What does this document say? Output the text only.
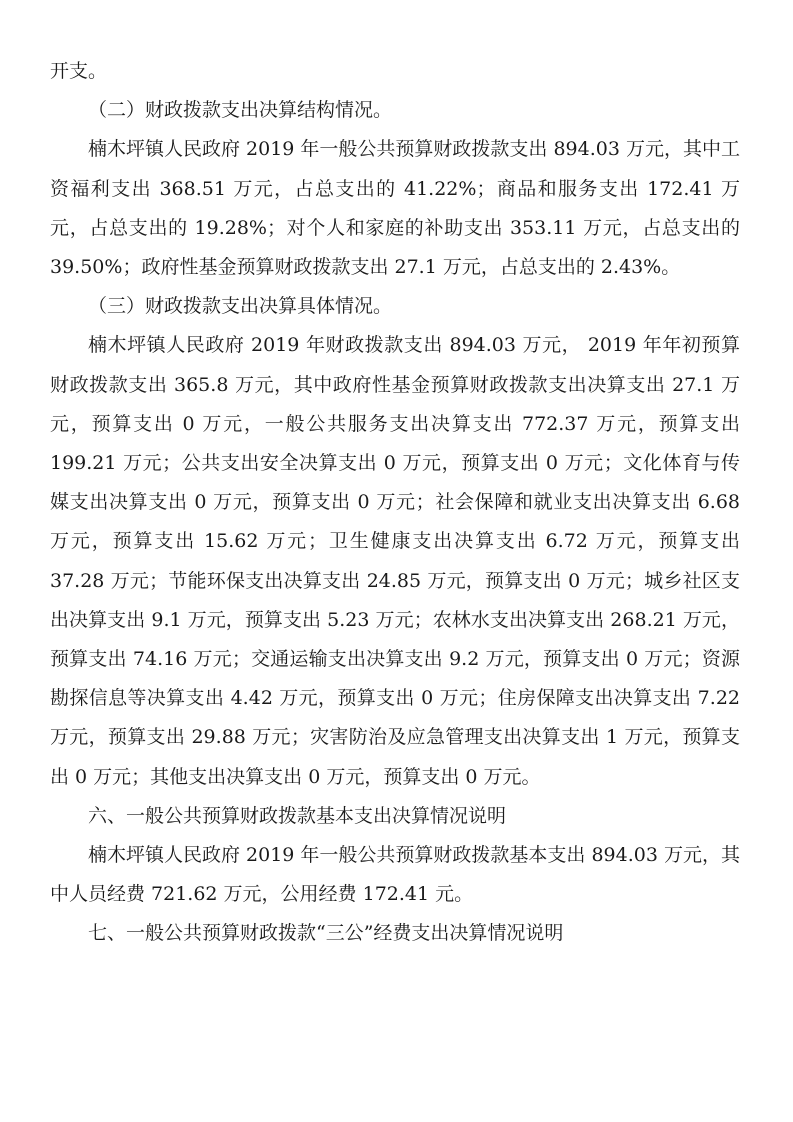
开支。

（二）财政拨款支出决算结构情况。

楠木坪镇人民政府 2019 年一般公共预算财政拨款支出 894.03 万元，其中工资福利支出 368.51 万元，占总支出的 41.22%；商品和服务支出 172.41 万元，占总支出的 19.28%；对个人和家庭的补助支出 353.11 万元，占总支出的 39.50%；政府性基金预算财政拨款支出 27.1 万元，占总支出的 2.43%。

（三）财政拨款支出决算具体情况。

楠木坪镇人民政府 2019 年财政拨款支出 894.03 万元， 2019 年年初预算财政拨款支出 365.8 万元，其中政府性基金预算财政拨款支出决算支出 27.1 万元，预算支出 0 万元，一般公共服务支出决算支出 772.37 万元，预算支出 199.21 万元；公共支出安全决算支出 0 万元，预算支出 0 万元；文化体育与传媒支出决算支出 0 万元，预算支出 0 万元；社会保障和就业支出决算支出 6.68 万元，预算支出 15.62 万元；卫生健康支出决算支出 6.72 万元，预算支出 37.28 万元；节能环保支出决算支出 24.85 万元，预算支出 0 万元；城乡社区支出决算支出 9.1 万元，预算支出 5.23 万元；农林水支出决算支出 268.21 万元，预算支出 74.16 万元；交通运输支出决算支出 9.2 万元，预算支出 0 万元；资源勘探信息等决算支出 4.42 万元，预算支出 0 万元；住房保障支出决算支出 7.22 万元，预算支出 29.88 万元；灾害防治及应急管理支出决算支出 1 万元，预算支出 0 万元；其他支出决算支出 0 万元，预算支出 0 万元。

六、一般公共预算财政拨款基本支出决算情况说明

楠木坪镇人民政府 2019 年一般公共预算财政拨款基本支出 894.03 万元，其中人员经费 721.62 万元，公用经费 172.41 元。

七、一般公共预算财政拨款“三公”经费支出决算情况说明
